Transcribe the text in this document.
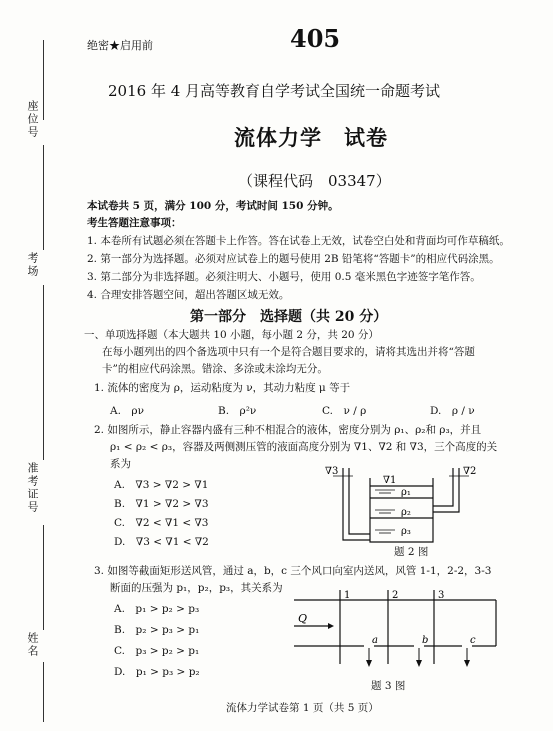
座位号
考场
准考证号
姓名
绝密★启用前	405
2016 年 4 月高等教育自学考试全国统一命题考试
流体力学　试卷
（课程代码　03347）
本试卷共 5 页，满分 100 分，考试时间 150 分钟。
考生答题注意事项：
1. 本卷所有试题必须在答题卡上作答。答在试卷上无效，试卷空白处和背面均可作草稿纸。
2. 第一部分为选择题。必须对应试卷上的题号使用 2B 铅笔将“答题卡”的相应代码涂黑。
3. 第二部分为非选择题。必须注明大、小题号，使用 0.5 毫米黑色字迹签字笔作答。
4. 合理安排答题空间，超出答题区域无效。
第一部分　选择题（共 20 分）
一、单项选择题（本大题共 10 小题，每小题 2 分，共 20 分）
在每小题列出的四个备选项中只有一个是符合题目要求的，请将其选出并将“答题
卡”的相应代码涂黑。错涂、多涂或未涂均无分。
1. 流体的密度为 ρ，运动粘度为 ν，其动力粘度 μ 等于
A.　ρν	B.　ρ²ν	C.　ν / ρ	D.　ρ / ν
2. 如图所示，静止容器内盛有三种不相混合的液体，密度分别为 ρ₁、ρ₂和 ρ₃，并且
ρ₁ < ρ₂ < ρ₃，容器及两侧测压管的液面高度分别为 ∇1、∇2 和 ∇3，三个高度的关
系为
A.　∇3 > ∇2 > ∇1
B.　∇1 > ∇2 > ∇3
C.　∇2 < ∇1 < ∇3
D.　∇3 < ∇1 < ∇2
∇3
∇1
∇2
ρ₁
ρ₂
ρ₃
题 2 图
3. 如图等截面矩形送风管，通过 a，b，c 三个风口向室内送风，风管 1-1，2-2，3-3
断面的压强为 p₁，p₂，p₃，其关系为
A.　p₁ > p₂ > p₃
B.　p₂ > p₃ > p₁
C.　p₃ > p₂ > p₁
D.　p₁ > p₃ > p₂
1	2	3
Q
a	b	c
题 3 图
流体力学试卷第 1 页（共 5 页）
